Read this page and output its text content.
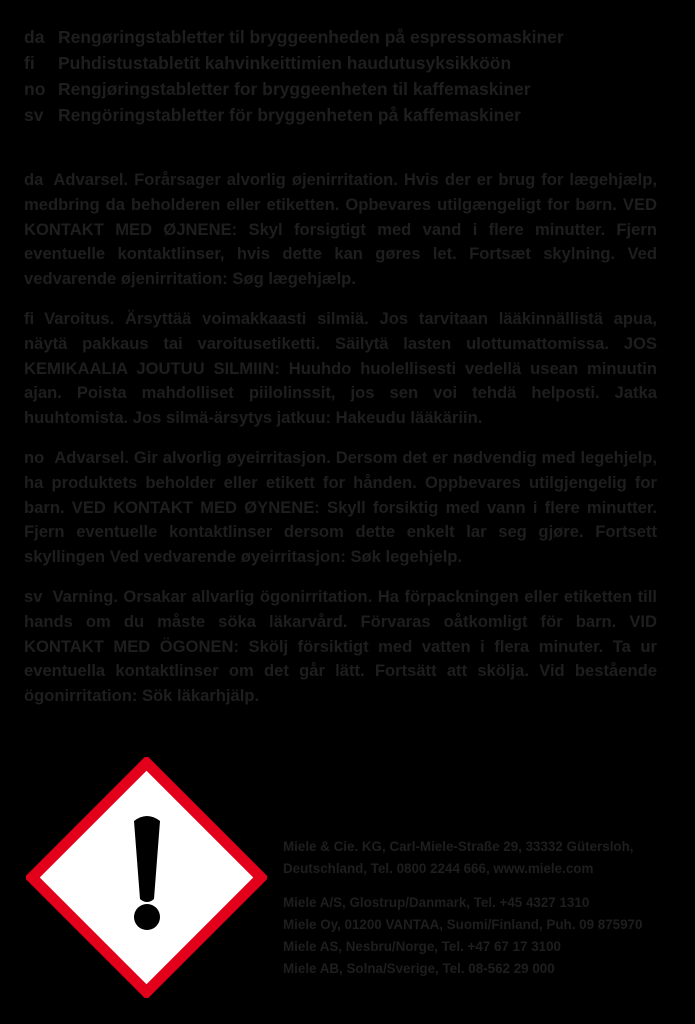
da Rengøringstabletter til bryggeenheden på espressomaskiner
fi	Puhdistustabletit kahvinkeittimien haudutusyksikköön
no Rengjøringstabletter for bryggeenheten til kaffemaskiner
sv Rengöringstabletter för bryggenheten på kaffemaskiner

da Advarsel. Forårsager alvorlig øjenirritation. Hvis der er brug for lægehjælp, medbring da beholderen eller etiketten. Opbevares utilgængeligt for børn. VED KONTAKT MED ØJNENE: Skyl forsigtigt med vand i flere minutter. Fjern eventuelle kontaktlinser, hvis dette kan gøres let. Fortsæt skylning. Ved vedvarende øjenirritation: Søg lægehjælp.

fi Varoitus. Ärsyttää voimakkaasti silmiä. Jos tarvitaan lääkinnällistä apua, näytä pakkaus tai varoitusetiketti. Säilytä lasten ulottumattomissa. JOS KEMIKAALIA JOUTUU SILMIIN: Huuhdo huolellisesti vedellä usean minuutin ajan. Poista mahdolliset piilolinssit, jos sen voi tehdä helposti. Jatka huuhtomista. Jos silmä-ärsytys jatkuu: Hakeudu lääkäriin.

no Advarsel. Gir alvorlig øyeirritasjon. Dersom det er nødvendig med legehjelp, ha produktets beholder eller etikett for hånden. Oppbevares utilgjengelig for barn. VED KONTAKT MED ØYNENE: Skyll forsiktig med vann i flere minutter. Fjern eventuelle kontaktlinser dersom dette enkelt lar seg gjøre. Fortsett skyllingen Ved vedvarende øyeirritasjon: Søk legehjelp.

sv Varning. Orsakar allvarlig ögonirritation. Ha förpackningen eller etiketten till hands om du måste söka läkarvård. Förvaras oåtkomligt för barn. VID KONTAKT MED ÖGONEN: Skölj försiktigt med vatten i flera minuter. Ta ur eventuella kontaktlinser om det går lätt. Fortsätt att skölja. Vid bestående ögonirritation: Sök läkarhjälp.

Miele & Cie. KG, Carl-Miele-Straße 29, 33332 Gütersloh,
Deutschland, Tel. 0800 2244 666, www.miele.com
Miele A/S, Glostrup/Danmark, Tel. +45 4327 1310
Miele Oy, 01200 VANTAA, Suomi/Finland, Puh. 09 875970
Miele AS, Nesbru/Norge, Tel. +47 67 17 3100
Miele AB, Solna/Sverige, Tel. 08-562 29 000
